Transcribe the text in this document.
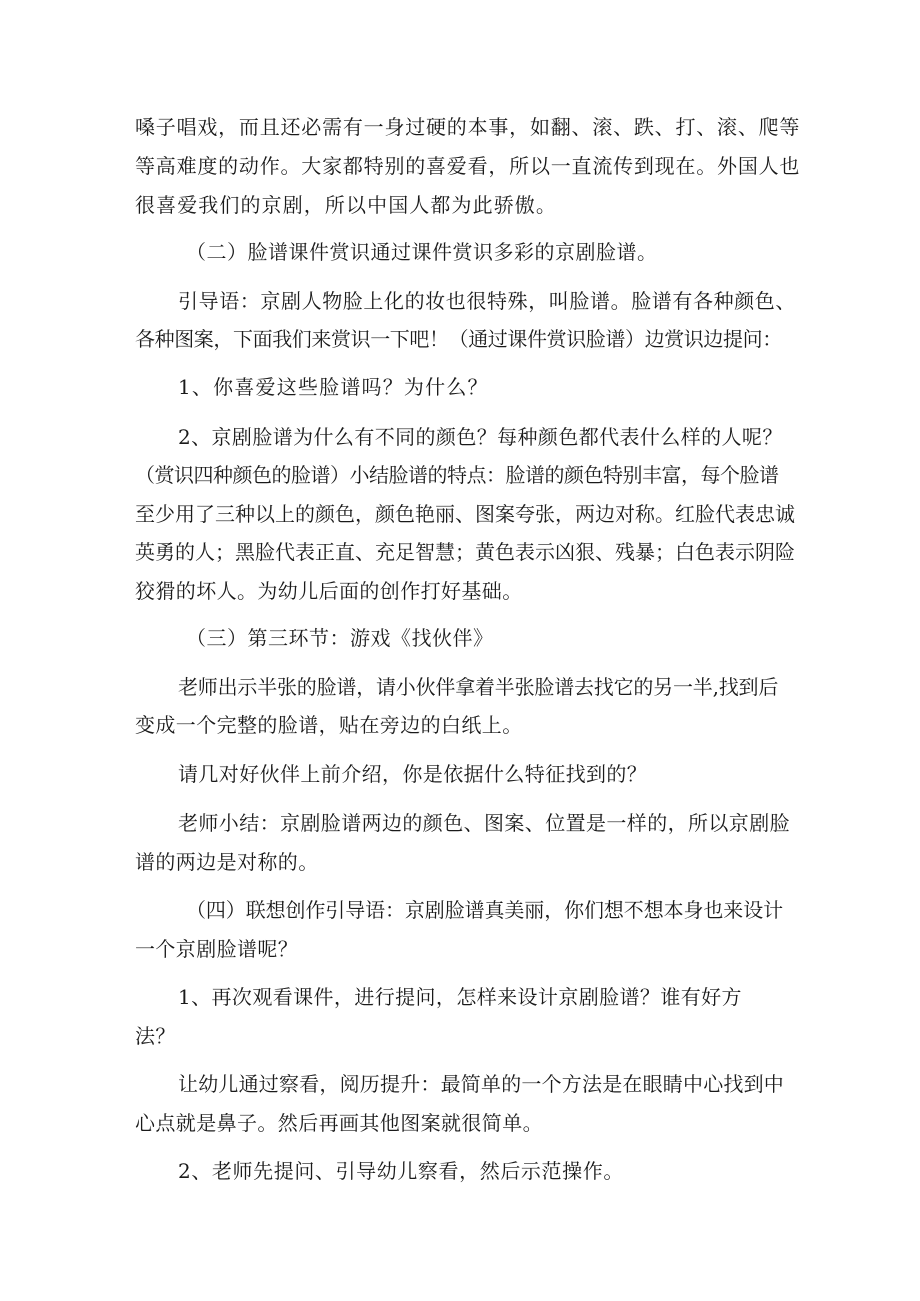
嗓子唱戏，而且还必需有一身过硬的本事，如翻、滚、跌、打、滚、爬等
等高难度的动作。大家都特别的喜爱看，所以一直流传到现在。外国人也
很喜爱我们的京剧，所以中国人都为此骄傲。
（二）脸谱课件赏识通过课件赏识多彩的京剧脸谱。
引导语：京剧人物脸上化的妆也很特殊，叫脸谱。脸谱有各种颜色、
各种图案，下面我们来赏识一下吧！（通过课件赏识脸谱）边赏识边提问：
1、你喜爱这些脸谱吗？为什么？
2、京剧脸谱为什么有不同的颜色？每种颜色都代表什么样的人呢？
（赏识四种颜色的脸谱）小结脸谱的特点：脸谱的颜色特别丰富，每个脸谱
至少用了三种以上的颜色，颜色艳丽、图案夸张，两边对称。红脸代表忠诚
英勇的人；黑脸代表正直、充足智慧；黄色表示凶狠、残暴；白色表示阴险
狡猾的坏人。为幼儿后面的创作打好基础。
（三）第三环节：游戏《找伙伴》
老师出示半张的脸谱，请小伙伴拿着半张脸谱去找它的另一半,找到后
变成一个完整的脸谱，贴在旁边的白纸上。
请几对好伙伴上前介绍，你是依据什么特征找到的？
老师小结：京剧脸谱两边的颜色、图案、位置是一样的，所以京剧脸
谱的两边是对称的。
（四）联想创作引导语：京剧脸谱真美丽，你们想不想本身也来设计
一个京剧脸谱呢？
1、再次观看课件，进行提问，怎样来设计京剧脸谱？谁有好方
法？
让幼儿通过察看，阅历提升：最简单的一个方法是在眼睛中心找到中
心点就是鼻子。然后再画其他图案就很简单。
2、老师先提问、引导幼儿察看，然后示范操作。
